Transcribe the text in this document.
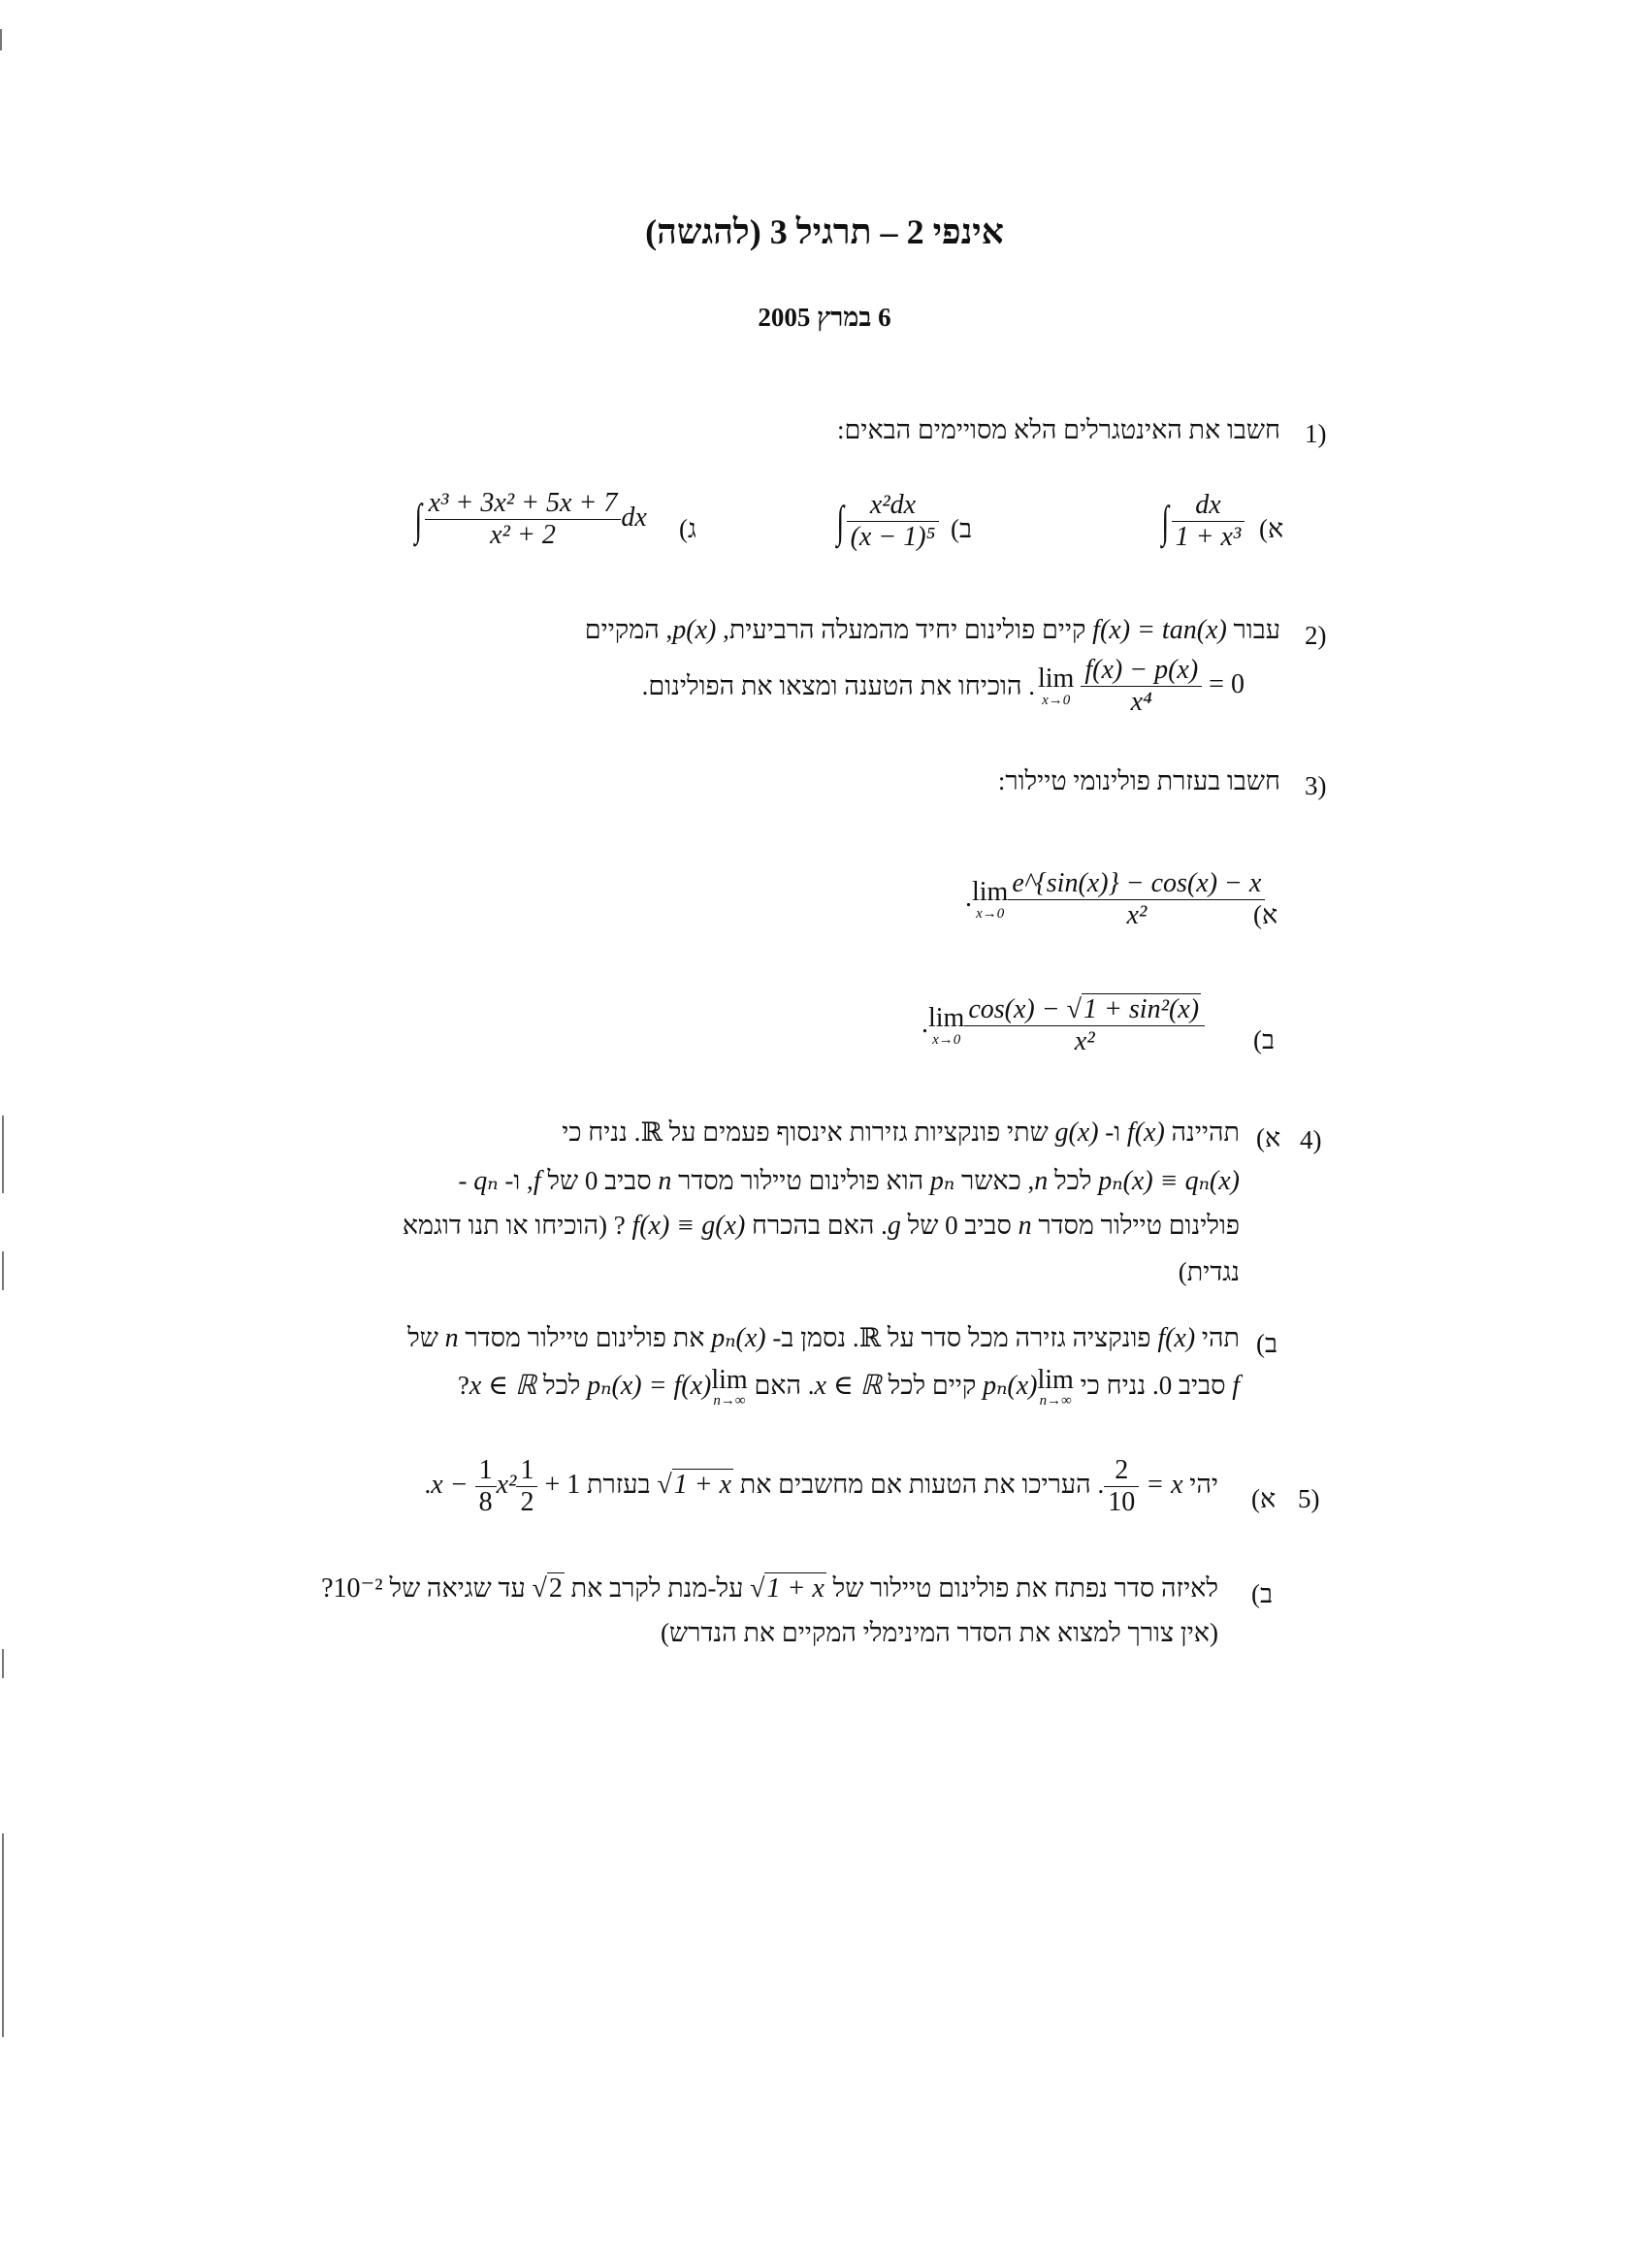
אינפי 2 – תרגיל 3 (להגשה)
6 במרץ 2005
1)
חשבו את האינטגרלים הלא מסויימים הבאים:
א)
∫ $\frac{dx}{\text{1 + x³}}$
ב)
∫ $\frac{\text{x²dx}}{\text{(x − 1)⁵}}$
ג)
∫ $\frac{\text{x³ + 3x² + 5x + 7}}{\text{x² + 2}}$ dx
2)
עבור f(x) = tan(x) קיים פולינום יחיד מהמעלה הרביעית, p(x), המקיים
lim
x→0
$\frac{f(x) - p(x)}{\text{x⁴}} = 0$
. הוכיחו את הטענה ומצאו את הפולינום.
3)
חשבו בעזרת פולינומי טיילור:
א)
. lim
$x\to 0 \frac{e\^{}\{\sin(x)\} - \cos(x) - x}{\text{x²}}$
ב)
. lim
$x\to 0 \frac{\text{cos(x) − √1 + sin²(x)}}{\text{x²}}$
4)
א)
תהיינה f(x) ו- g(x) שתי פונקציות גזירות אינסוף פעמים על ℝ. נניח כי
pₙ(x) ≡ qₙ(x) לכל n, כאשר pₙ הוא פולינום טיילור מסדר n סביב 0 של f, ו- qₙ -
פולינום טיילור מסדר n סביב 0 של g. האם בהכרח f(x) ≡ g(x) ? (הוכיחו או תנו דוגמא
נגדית)
ב)
תהי f(x) פונקציה גזירה מכל סדר על ℝ. נסמן ב- pₙ(x) את פולינום טיילור מסדר n של
f סביב 0. נניח כי
lim
n→∞
pₙ(x) קיים לכל x ∈ ℝ. האם
lim
n→∞
pₙ(x) = f(x) לכל x ∈ ℝ?
5)
א)
יהי x =
$\frac{2}{10}$
. העריכו את הטעות אם מחשבים את √1 + x בעזרת 1 +
$\frac{1}{2}$
$x - \frac{1}{8} x^2$.
ב)
לאיזה סדר נפתח את פולינום טיילור של √1 + x על-מנת לקרב את √2 עד שגיאה של 10⁻²?
(אין צורך למצוא את הסדר המינימלי המקיים את הנדרש)
